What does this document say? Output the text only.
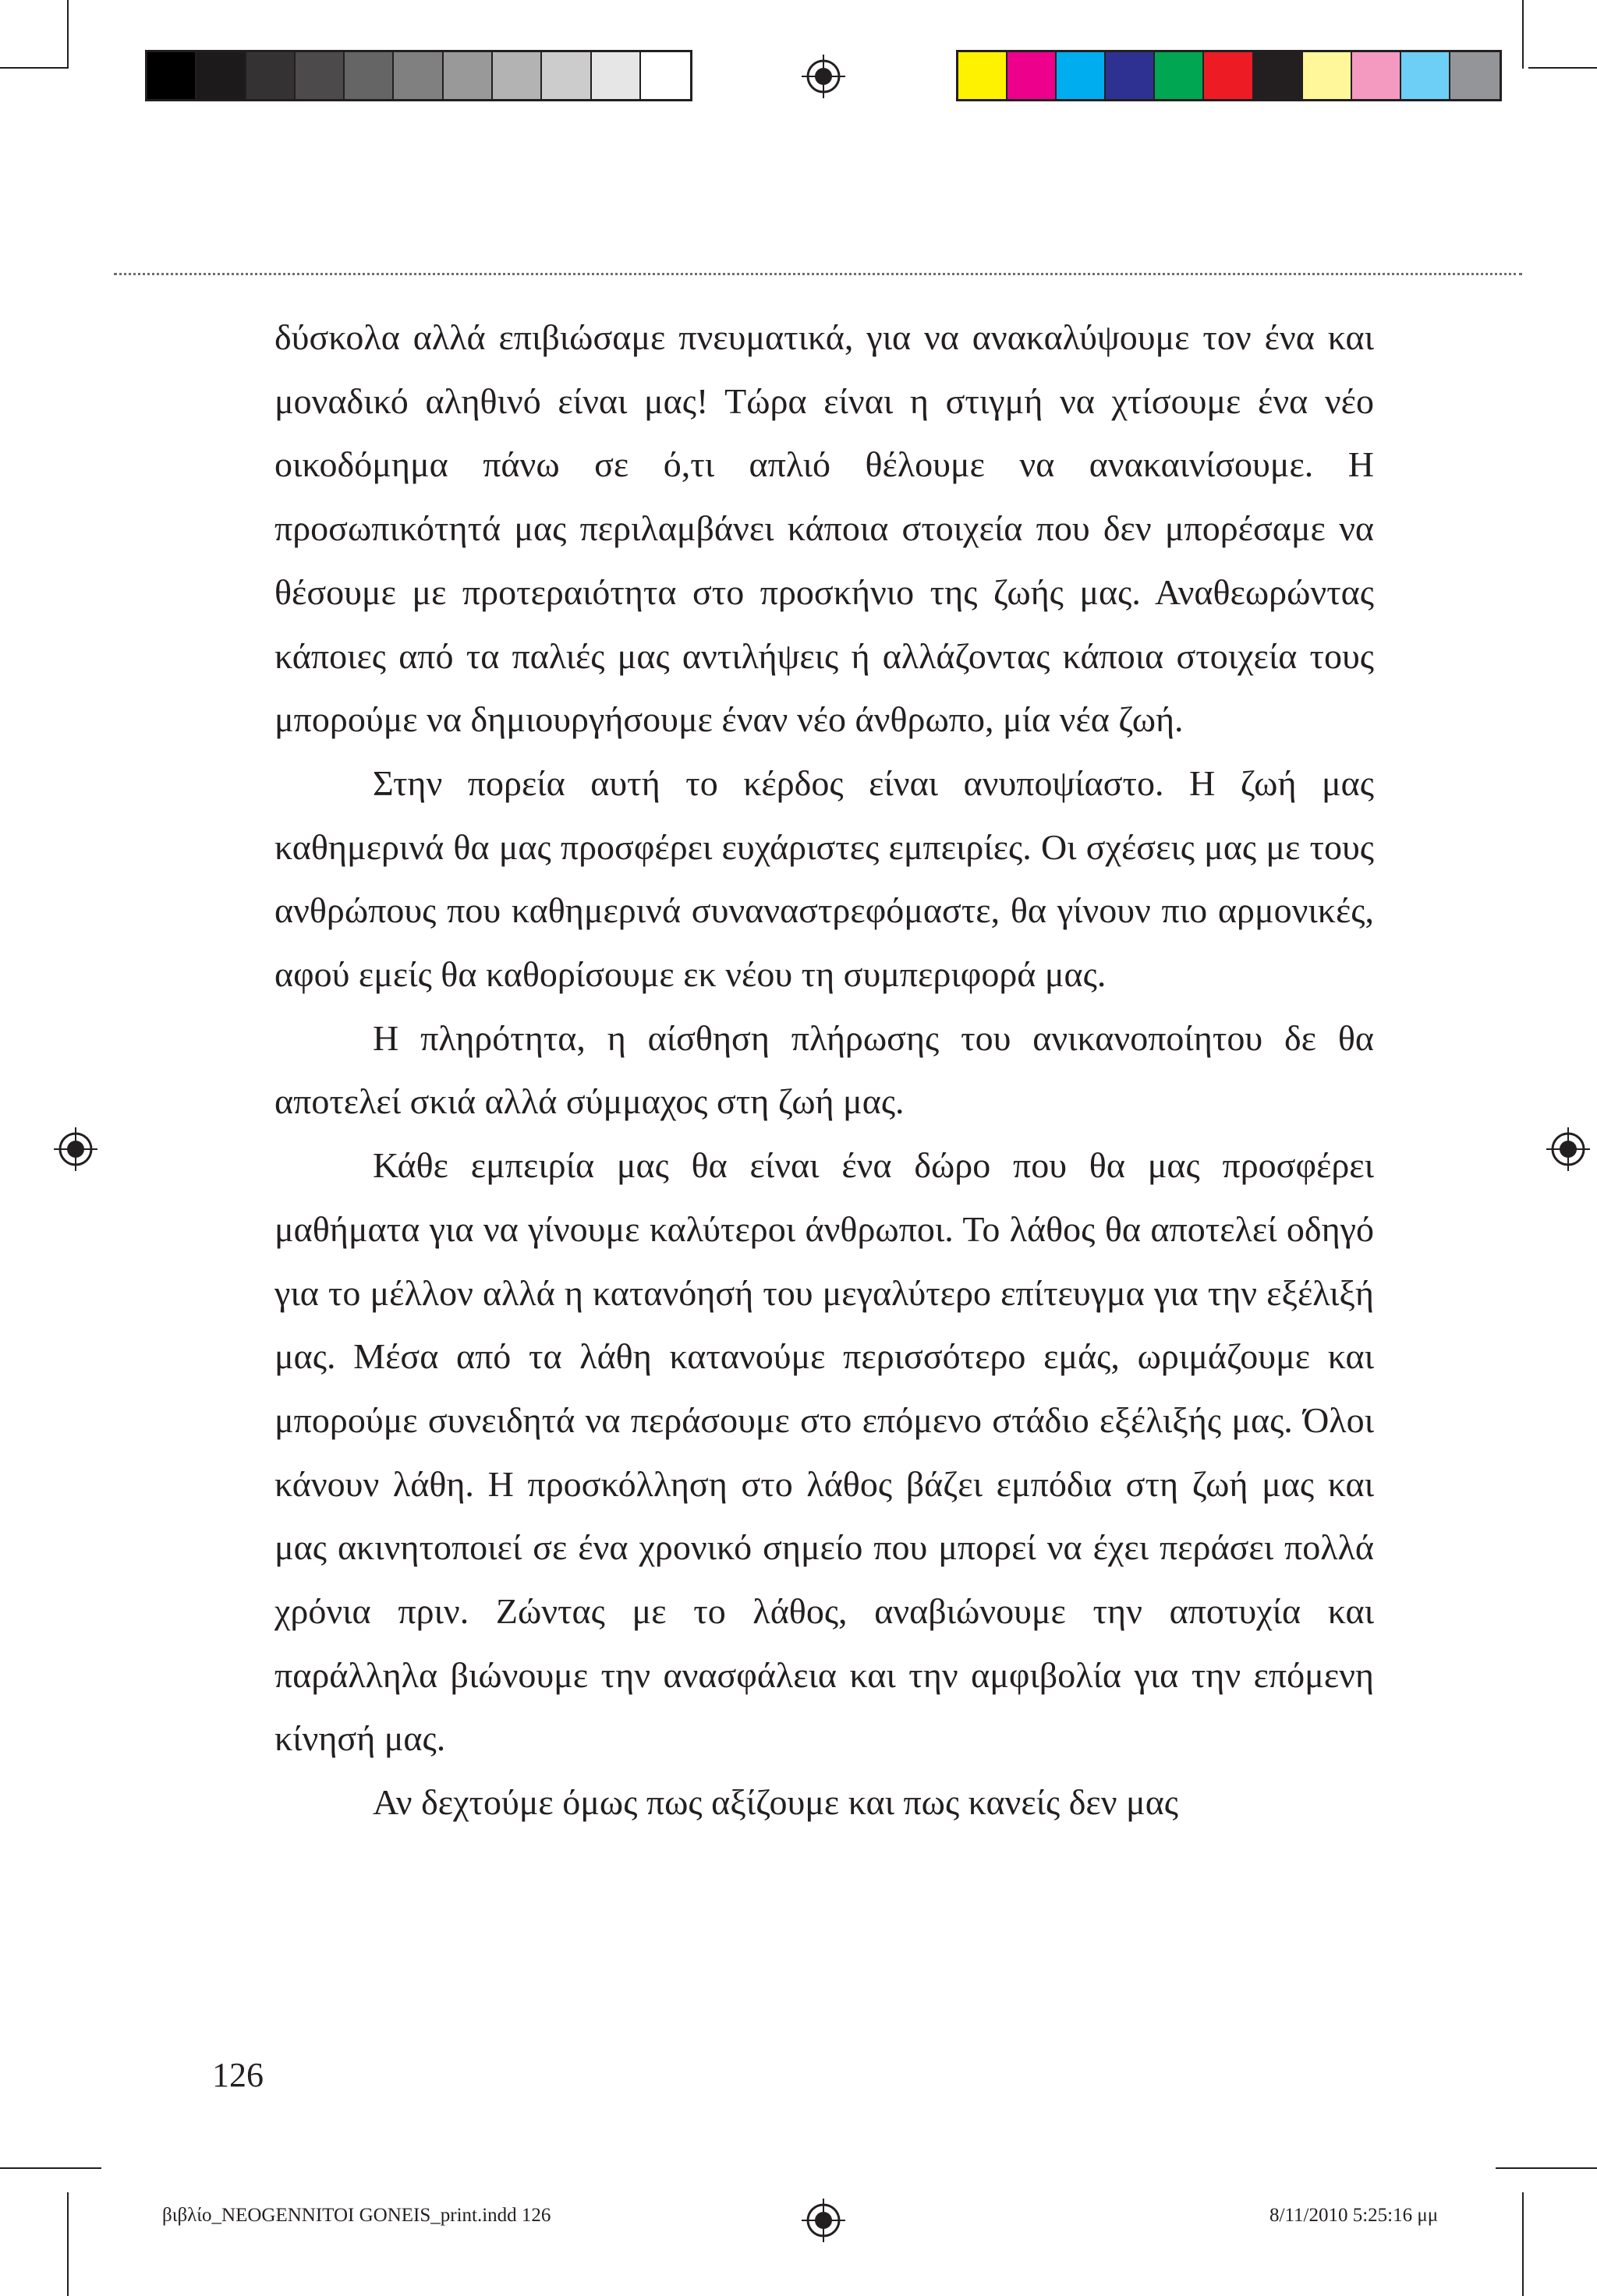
δύσκολα αλλά επιβιώσαμε πνευματικά, για να ανακαλύψουμε τον ένα και μοναδικό αληθινό είναι μας! Τώρα είναι η στιγμή να χτίσουμε ένα νέο οικοδόμημα πάνω σε ό,τι απλιό θέλουμε να ανακαινίσουμε. Η προσωπικότητά μας περιλαμβάνει κάποια στοιχεία που δεν μπορέσαμε να θέσουμε με προτεραιότητα στο προσκήνιο της ζωής μας. Αναθεωρώντας κάποιες από τα παλιές μας αντιλήψεις ή αλλάζοντας κάποια στοιχεία τους μπορούμε να δημιουργήσουμε έναν νέο άνθρωπο, μία νέα ζωή.

Στην πορεία αυτή το κέρδος είναι ανυποψίαστο. Η ζωή μας καθημερινά θα μας προσφέρει ευχάριστες εμπειρίες. Οι σχέσεις μας με τους ανθρώπους που καθημερινά συναναστρεφόμαστε, θα γίνουν πιο αρμονικές, αφού εμείς θα καθορίσουμε εκ νέου τη συμπεριφορά μας.

Η πληρότητα, η αίσθηση πλήρωσης του ανικανοποίητου δε θα αποτελεί σκιά αλλά σύμμαχος στη ζωή μας.

Κάθε εμπειρία μας θα είναι ένα δώρο που θα μας προσφέρει μαθήματα για να γίνουμε καλύτεροι άνθρωποι. Το λάθος θα αποτελεί οδηγό για το μέλλον αλλά η κατανόησή του μεγαλύτερο επίτευγμα για την εξέλιξή μας. Μέσα από τα λάθη κατανούμε περισσότερο εμάς, ωριμάζουμε και μπορούμε συνειδητά να περάσουμε στο επόμενο στάδιο εξέλιξής μας. Όλοι κάνουν λάθη. Η προσκόλληση στο λάθος βάζει εμπόδια στη ζωή μας και μας ακινητοποιεί σε ένα χρονικό σημείο που μπορεί να έχει περάσει πολλά χρόνια πριν. Ζώντας με το λάθος, αναβιώνουμε την αποτυχία και παράλληλα βιώνουμε την ανασφάλεια και την αμφιβολία για την επόμενη κίνησή μας.

Αν δεχτούμε όμως πως αξίζουμε και πως κανείς δεν μας

126
βιβλίο_NEOGENNITOI GONEIS_print.indd 126	8/11/2010 5:25:16 μμ
